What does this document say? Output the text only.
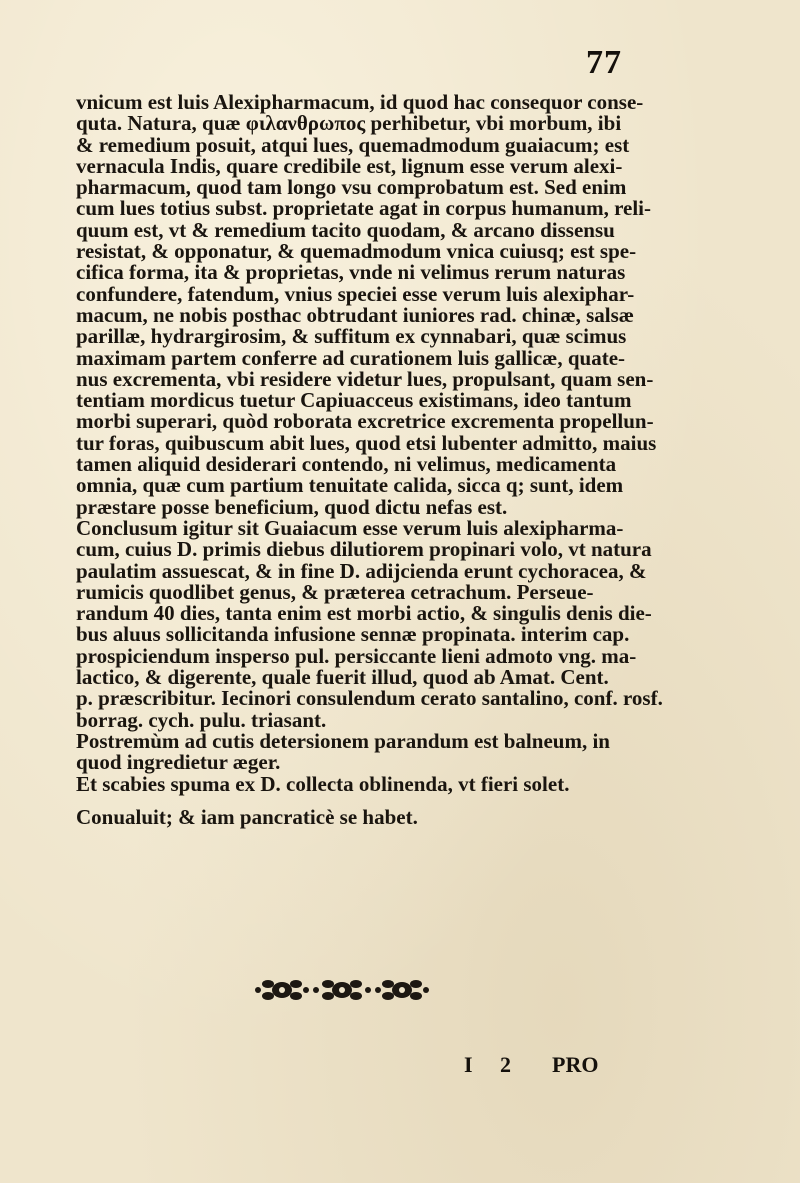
77
vnicum est luis Alexipharmacum, id quod hac consequor conse-
quta. Natura, quæ φιλανθρωπος perhibetur, vbi morbum, ibi
& remedium posuit, atqui lues, quemadmodum guaiacum; est
vernacula Indis, quare credibile est, lignum esse verum alexi-
pharmacum, quod tam longo vsu comprobatum est. Sed enim
cum lues totius subst. proprietate agat in corpus humanum, reli-
quum est, vt & remedium tacito quodam, & arcano dissensu
resistat, & opponatur, & quemadmodum vnica cuiusq; est spe-
cifica forma, ita & proprietas, vnde ni velimus rerum naturas
confundere, fatendum, vnius speciei esse verum luis alexiphar-
macum, ne nobis posthac obtrudant iuniores rad. chinæ, salsæ
parillæ, hydrargirosim, & suffitum ex cynnabari, quæ scimus
maximam partem conferre ad curationem luis gallicæ, quate-
nus excrementa, vbi residere videtur lues, propulsant, quam sen-
tentiam mordicus tuetur Capiuacceus existimans, ideo tantum
morbi superari, quòd roborata excretrice excrementa propellun-
tur foras, quibuscum abit lues, quod etsi lubenter admitto, maius
tamen aliquid desiderari contendo, ni velimus, medicamenta
omnia, quæ cum partium tenuitate calida, sicca q; sunt, idem
præstare posse beneficium, quod dictu nefas est.
Conclusum igitur sit Guaiacum esse verum luis alexipharma-
cum, cuius D. primis diebus dilutiorem propinari volo, vt natura
paulatim assuescat, & in fine D. adijcienda erunt cychoracea, &
rumicis quodlibet genus, & præterea cetrachum. Perseue-
randum 40 dies, tanta enim est morbi actio, & singulis denis die-
bus aluus sollicitanda infusione sennæ propinata. interim cap.
prospiciendum insperso pul. persiccante lieni admoto vng. ma-
lactico, & digerente, quale fuerit illud, quod ab Amat. Cent.
p. præscribitur. Iecinori consulendum cerato santalino, conf. rosf.
borrag. cych. pulu. triasant.
Postremùm ad cutis detersionem parandum est balneum, in
quod ingredietur æger.
Et scabies spuma ex D. collecta oblinenda, vt fieri solet.
Conualuit; & iam pancraticè se habet.
I 2 PRO
